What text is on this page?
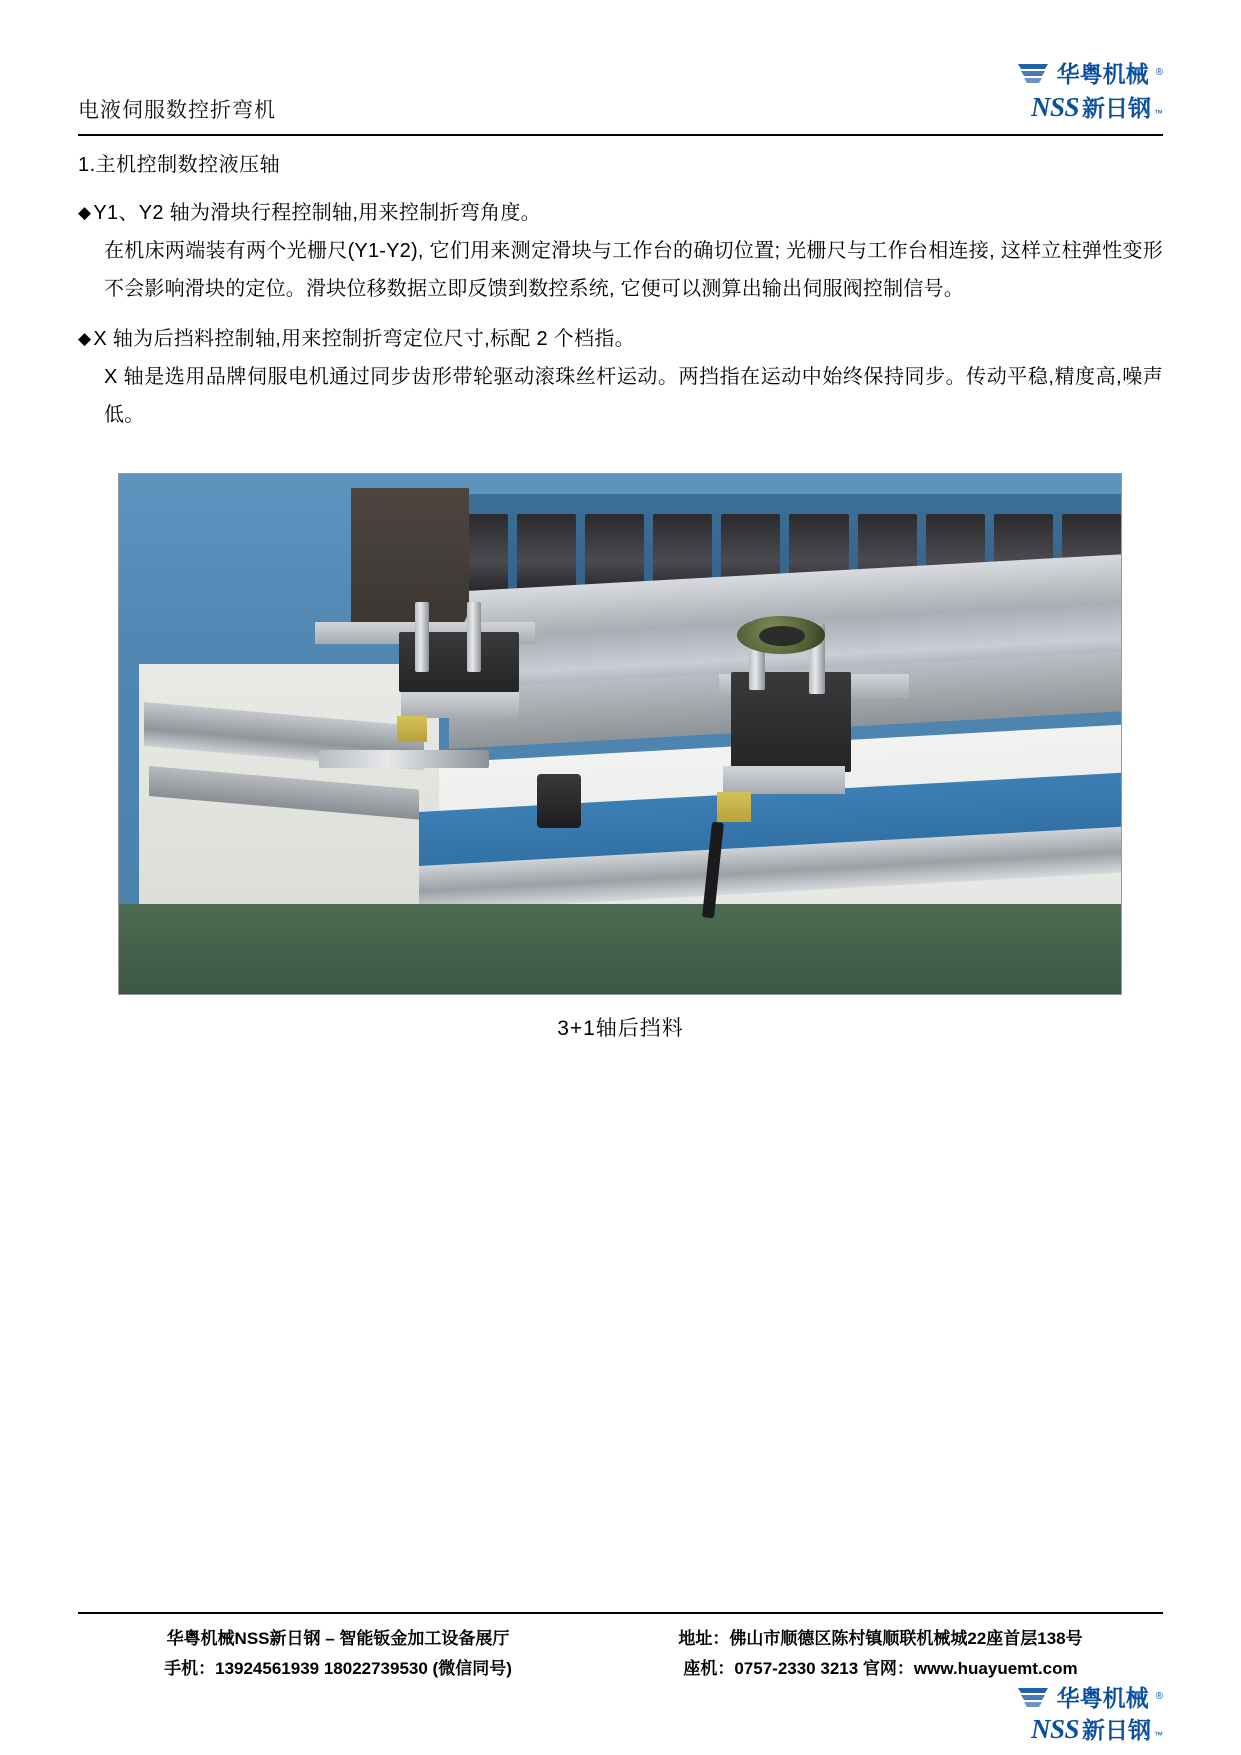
电液伺服数控折弯机
华粤机械 ®
NSS 新日钢 ™
1.主机控制数控液压轴
◆ Y1、Y2 轴为滑块行程控制轴,用来控制折弯角度。
在机床两端装有两个光栅尺(Y1-Y2), 它们用来测定滑块与工作台的确切位置; 光栅尺与工作台相连接, 这样立柱弹性变形不会影响滑块的定位。滑块位移数据立即反馈到数控系统, 它便可以测算出输出伺服阀控制信号。
◆ X 轴为后挡料控制轴,用来控制折弯定位尺寸,标配 2 个档指。
X 轴是选用品牌伺服电机通过同步齿形带轮驱动滚珠丝杆运动。两挡指在运动中始终保持同步。传动平稳,精度高,噪声低。
3+1轴后挡料
华粤机械NSS新日钢 – 智能钣金加工设备展厅	地址：佛山市顺德区陈村镇顺联机械城22座首层138号
手机：13924561939 18022739530 (微信同号)	座机：0757-2330 3213 官网：www.huayuemt.com
华粤机械 ®
NSS 新日钢 ™
